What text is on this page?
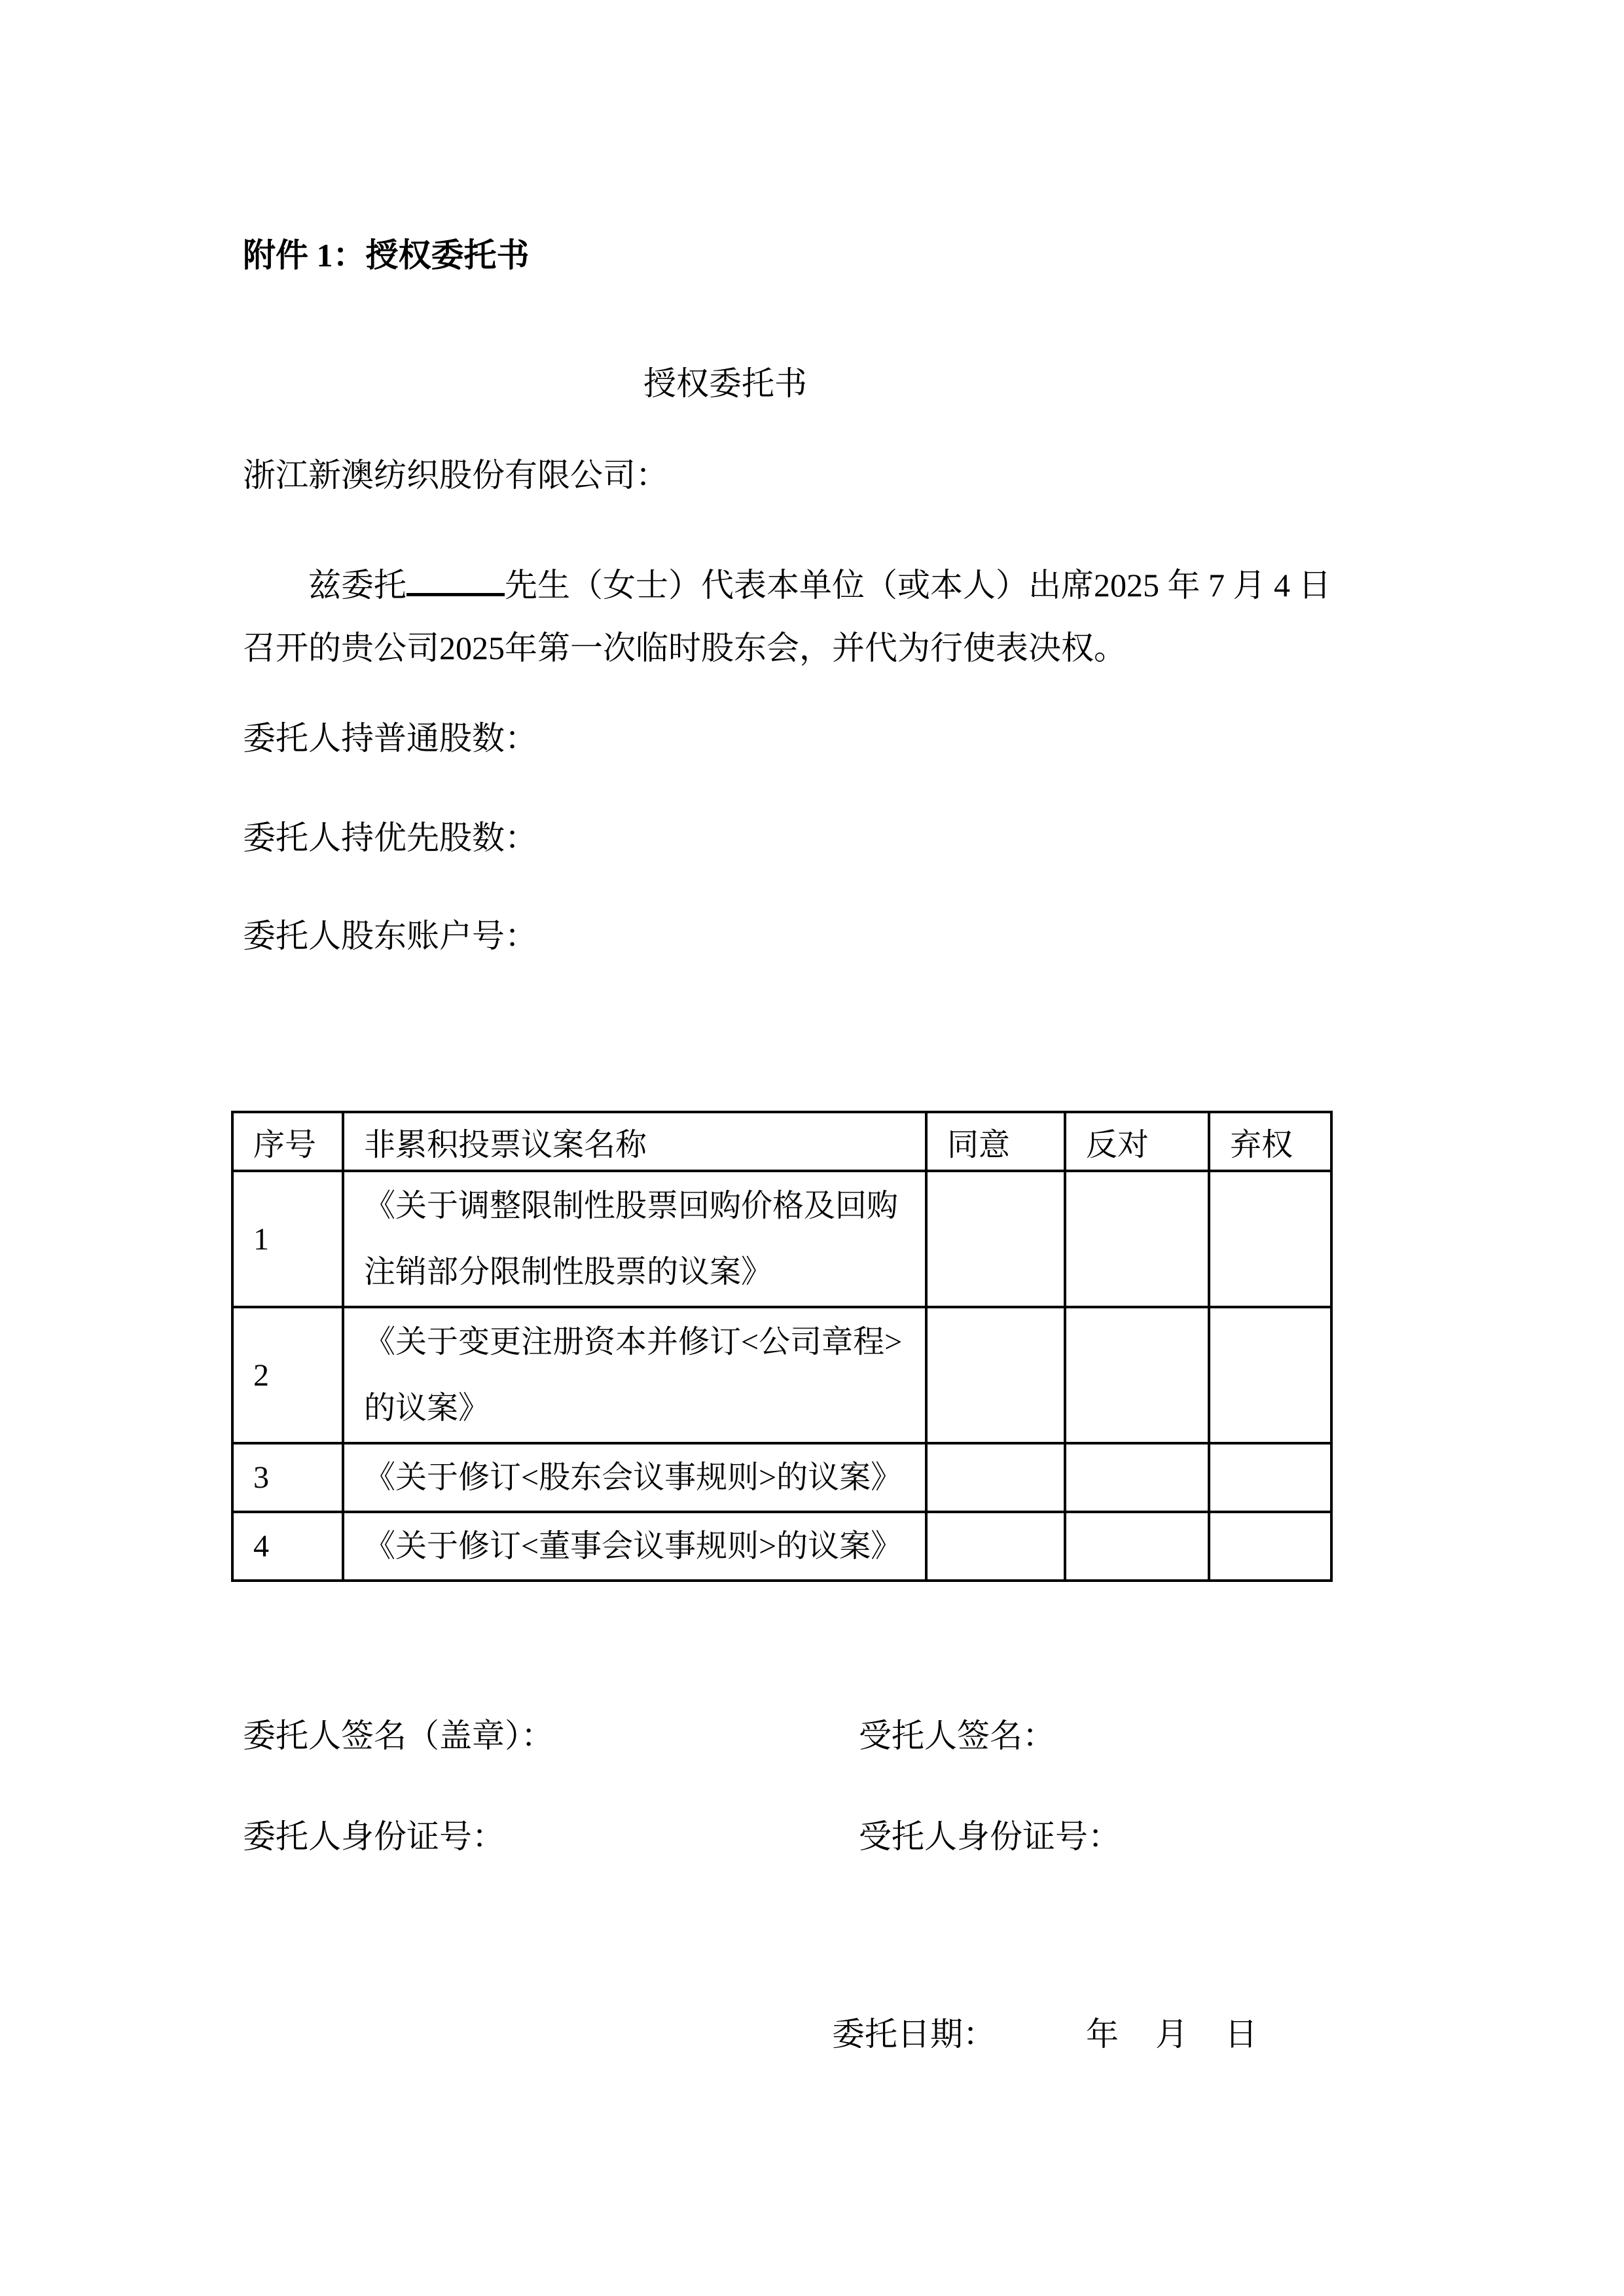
附件 1：授权委托书
授权委托书
浙江新澳纺织股份有限公司：
兹委托	先生（女士）代表本单位（或本人）出席2025 年 7 月 4 日
召开的贵公司2025年第一次临时股东会，并代为行使表决权。
委托人持普通股数：
委托人持优先股数：
委托人股东账户号：
序号	非累积投票议案名称	同意	反对	弃权
1	《关于调整限制性股票回购价格及回购
注销部分限制性股票的议案》			

2	《关于变更注册资本并修订<公司章程>
的议案》			

3	《关于修订<股东会议事规则>的议案》			

4	《关于修订<董事会议事规则>的议案》			

委托人签名（盖章）：	受托人签名：
委托人身份证号：	受托人身份证号：
委托日期：	年 月 日
